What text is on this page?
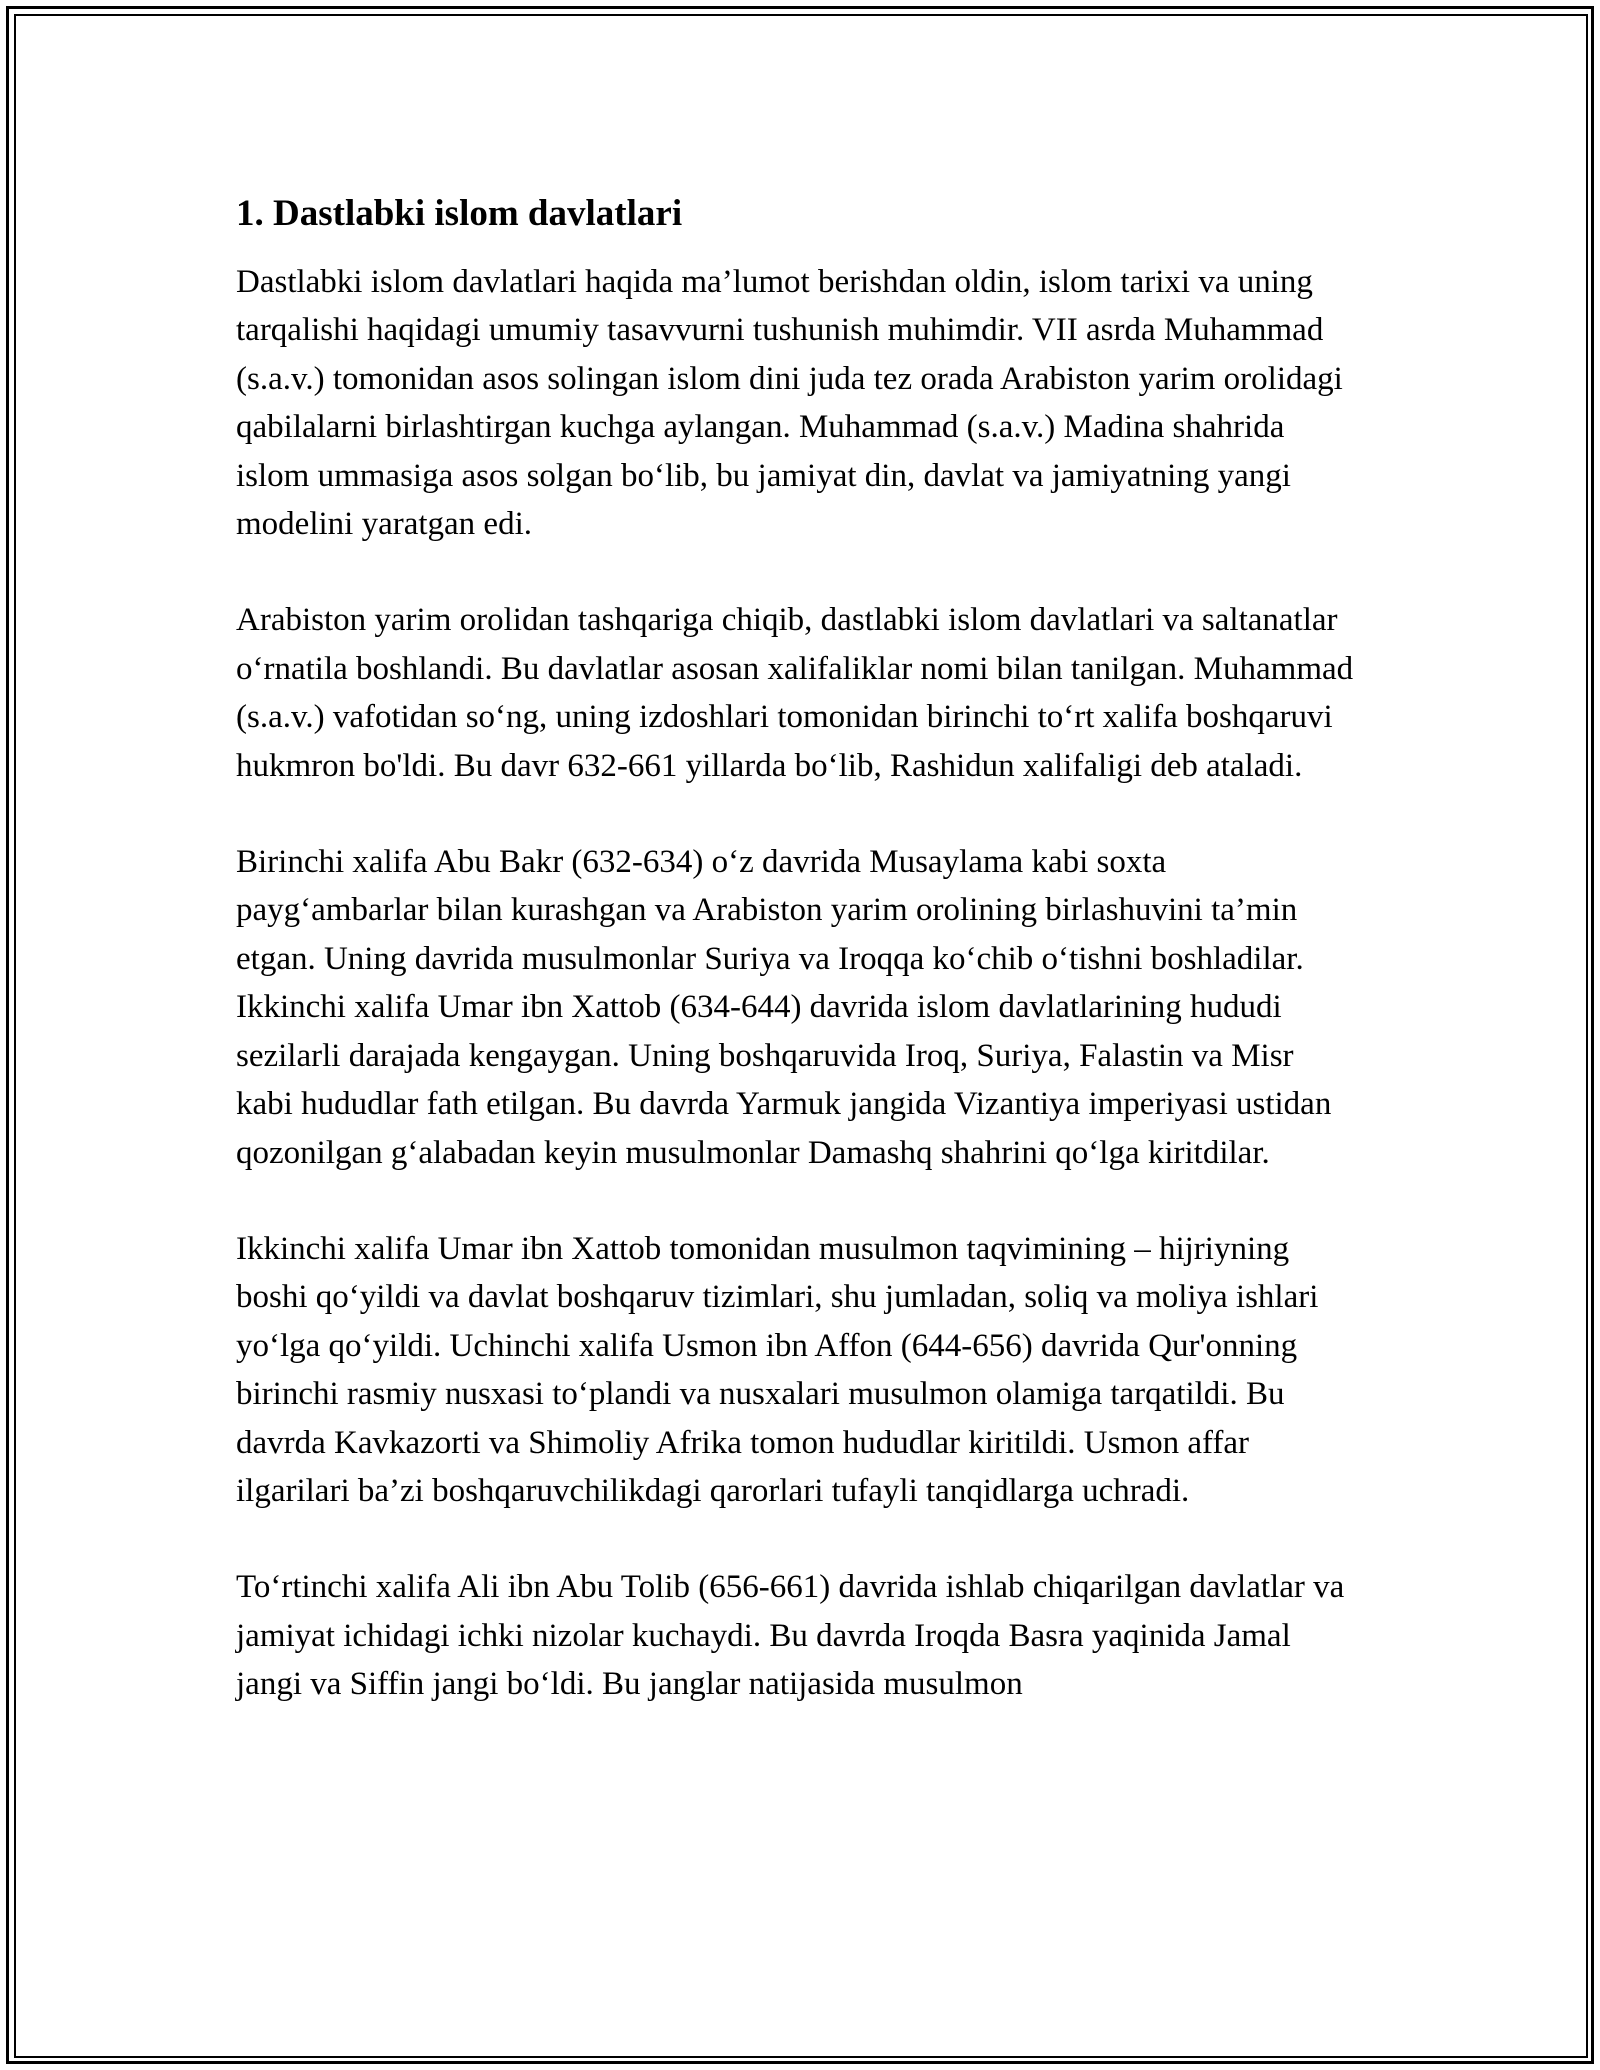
1. Dastlabki islom davlatlari

Dastlabki islom davlatlari haqida ma’lumot berishdan oldin, islom tarixi va uning tarqalishi haqidagi umumiy tasavvurni tushunish muhimdir. VII asrda Muhammad (s.a.v.) tomonidan asos solingan islom dini juda tez orada Arabiston yarim orolidagi qabilalarni birlashtirgan kuchga aylangan. Muhammad (s.a.v.) Madina shahrida islom ummasiga asos solgan bo‘lib, bu jamiyat din, davlat va jamiyatning yangi modelini yaratgan edi.

Arabiston yarim orolidan tashqariga chiqib, dastlabki islom davlatlari va saltanatlar o‘rnatila boshlandi. Bu davlatlar asosan xalifaliklar nomi bilan tanilgan. Muhammad (s.a.v.) vafotidan so‘ng, uning izdoshlari tomonidan birinchi to‘rt xalifa boshqaruvi hukmron bo'ldi. Bu davr 632-661 yillarda bo‘lib, Rashidun xalifaligi deb ataladi.

Birinchi xalifa Abu Bakr (632-634) o‘z davrida Musaylama kabi soxta payg‘ambarlar bilan kurashgan va Arabiston yarim orolining birlashuvini ta’min etgan. Uning davrida musulmonlar Suriya va Iroqqa ko‘chib o‘tishni boshladilar. Ikkinchi xalifa Umar ibn Xattob (634-644) davrida islom davlatlarining hududi sezilarli darajada kengaygan. Uning boshqaruvida Iroq, Suriya, Falastin va Misr kabi hududlar fath etilgan. Bu davrda Yarmuk jangida Vizantiya imperiyasi ustidan qozonilgan g‘alabadan keyin musulmonlar Damashq shahrini qo‘lga kiritdilar.

Ikkinchi xalifa Umar ibn Xattob tomonidan musulmon taqvimining – hijriyning boshi qo‘yildi va davlat boshqaruv tizimlari, shu jumladan, soliq va moliya ishlari yo‘lga qo‘yildi. Uchinchi xalifa Usmon ibn Affon (644-656) davrida Qur'onning birinchi rasmiy nusxasi to‘plandi va nusxalari musulmon olamiga tarqatildi. Bu davrda Kavkazorti va Shimoliy Afrika tomon hududlar kiritildi. Usmon affar ilgarilari ba’zi boshqaruvchilikdagi qarorlari tufayli tanqidlarga uchradi.

To‘rtinchi xalifa Ali ibn Abu Tolib (656-661) davrida ishlab chiqarilgan davlatlar va jamiyat ichidagi ichki nizolar kuchaydi. Bu davrda Iroqda Basra yaqinida Jamal jangi va Siffin jangi bo‘ldi. Bu janglar natijasida musulmon
